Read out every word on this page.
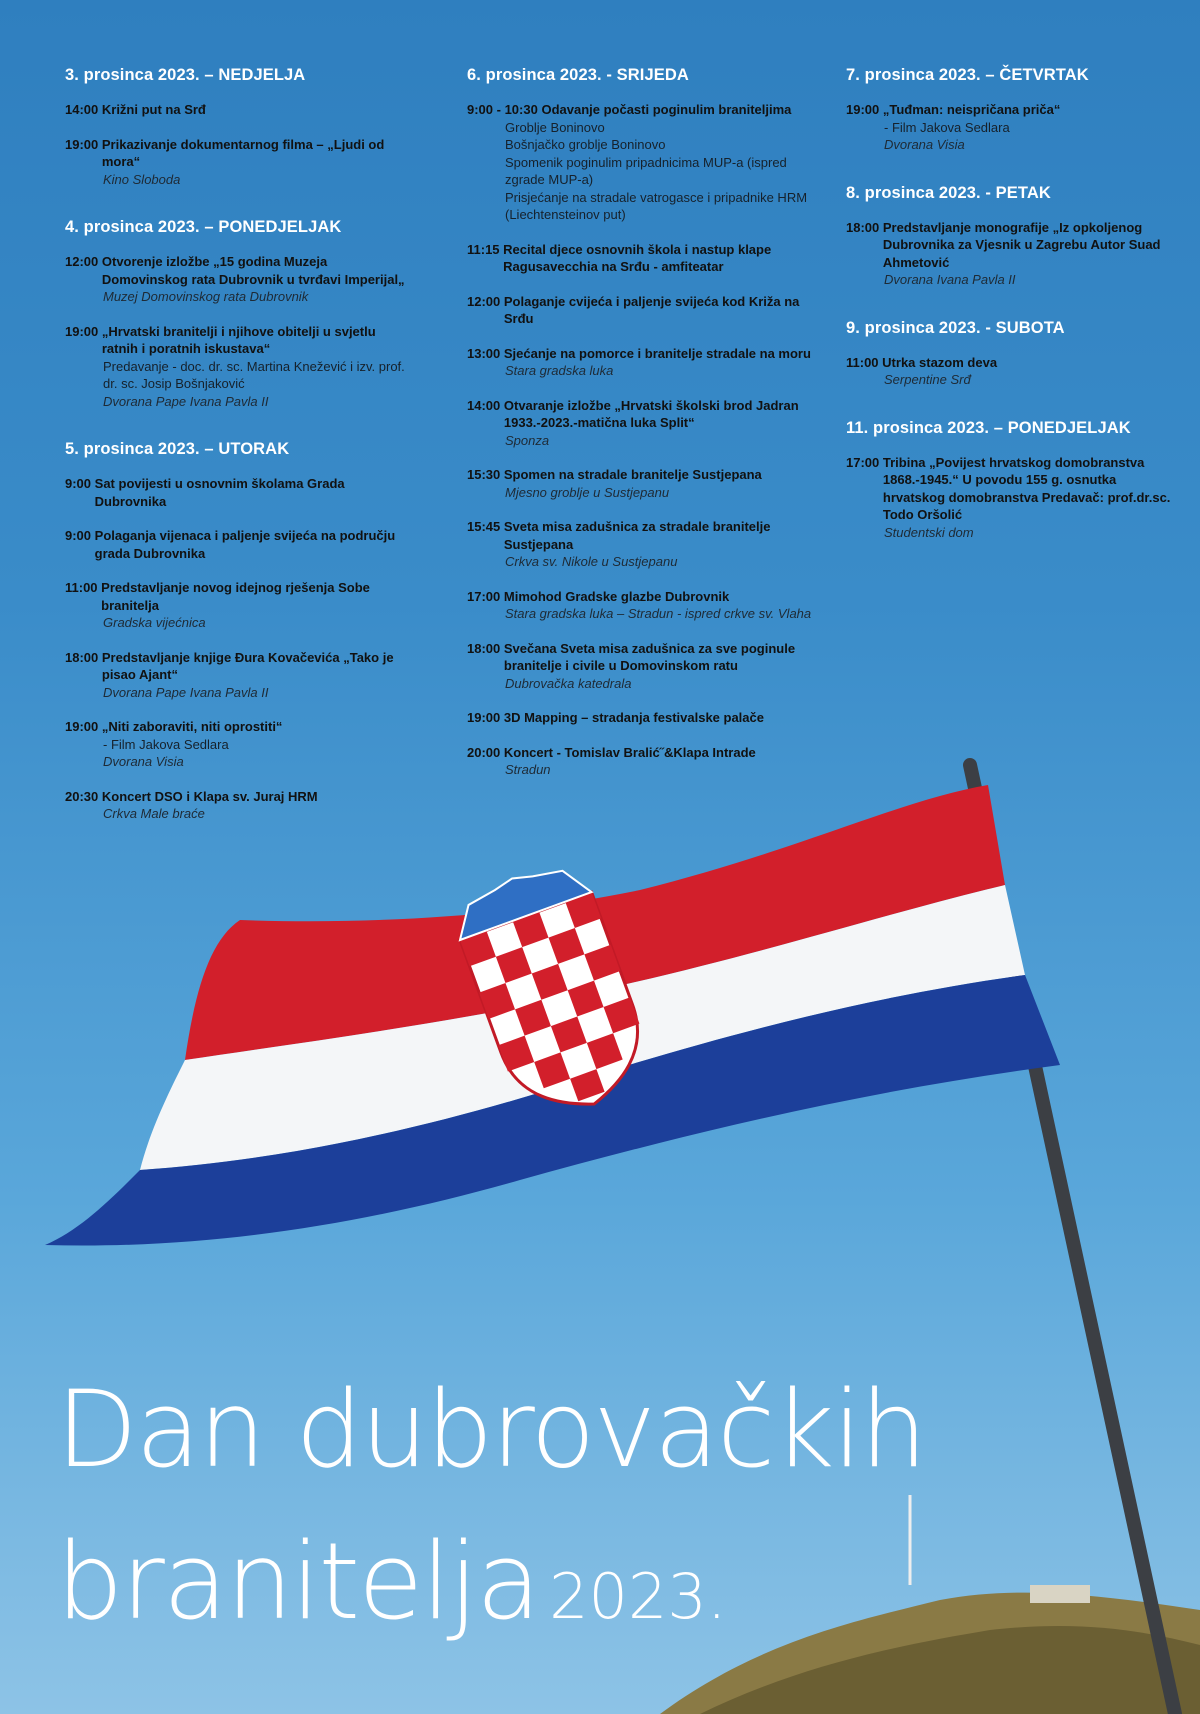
3. prosinca 2023. – NEDJELJA
14:00
Križni put na Srđ
19:00
Prikazivanje dokumentarnog filma – „Ljudi od mora“
Kino Sloboda
4. prosinca 2023. – PONEDJELJAK
12:00
Otvorenje izložbe „15 godina Muzeja Domovinskog rata Dubrovnik u tvrđavi Imperijal„
Muzej Domovinskog rata Dubrovnik
19:00
„Hrvatski branitelji i njihove obitelji u svjetlu ratnih i poratnih iskustava“
Predavanje - doc. dr. sc. Martina Knežević i izv. prof. dr. sc. Josip Bošnjaković
Dvorana Pape Ivana Pavla II
5. prosinca 2023. – UTORAK
9:00
Sat povijesti u osnovnim školama Grada Dubrovnika
9:00
Polaganja vijenaca i paljenje svijeća na području grada Dubrovnika
11:00
Predstavljanje novog idejnog rješenja Sobe branitelja
Gradska vijećnica
18:00
Predstavljanje knjige Đura Kovačevića „Tako je pisao Ajant“
Dvorana Pape Ivana Pavla II
19:00
„Niti zaboraviti, niti oprostiti“
- Film Jakova Sedlara
Dvorana Visia
20:30
Koncert DSO i Klapa sv. Juraj HRM
Crkva Male braće
6. prosinca 2023. - SRIJEDA
9:00 - 10:30
Odavanje počasti poginulim braniteljima
Groblje Boninovo
Bošnjačko groblje Boninovo
Spomenik poginulim pripadnicima MUP-a (ispred zgrade MUP-a)
Prisjećanje na stradale vatrogasce i pripadnike HRM (Liechtensteinov put)
11:15
Recital djece osnovnih škola i nastup klape Ragusavecchia na Srđu - amfiteatar
12:00
Polaganje cvijeća i paljenje svijeća kod Križa na Srđu
13:00
Sjećanje na pomorce i branitelje stradale na moru
Stara gradska luka
14:00
Otvaranje izložbe „Hrvatski školski brod Jadran 1933.-2023.-matična luka Split“
Sponza
15:30
Spomen na stradale branitelje Sustjepana
Mjesno groblje u Sustjepanu
15:45
Sveta misa zadušnica za stradale branitelje Sustjepana
Crkva sv. Nikole u Sustjepanu
17:00
Mimohod Gradske glazbe Dubrovnik
Stara gradska luka – Stradun - ispred crkve sv. Vlaha
18:00
Svečana Sveta misa zadušnica za sve poginule branitelje i civile u Domovinskom ratu
Dubrovačka katedrala
19:00
3D Mapping – stradanja festivalske palače
20:00
Koncert - Tomislav Bralić˝&Klapa Intrade
Stradun
7. prosinca 2023. – ČETVRTAK
19:00
„Tuđman: neispričana priča“
- Film Jakova Sedlara
Dvorana Visia
8. prosinca 2023. - PETAK
18:00
Predstavljanje monografije „Iz opkoljenog Dubrovnika za Vjesnik u Zagrebu Autor Suad Ahmetović
Dvorana Ivana Pavla II
9. prosinca 2023. - SUBOTA
11:00
Utrka stazom deva
Serpentine Srđ
11. prosinca 2023. – PONEDJELJAK
17:00
Tribina „Povijest hrvatskog domobranstva 1868.-1945.“ U povodu 155 g. osnutka hrvatskog domobranstva Predavač: prof.dr.sc. Todo Oršolić
Studentski dom
Dan dubrovačkih
branitelja 2023.
